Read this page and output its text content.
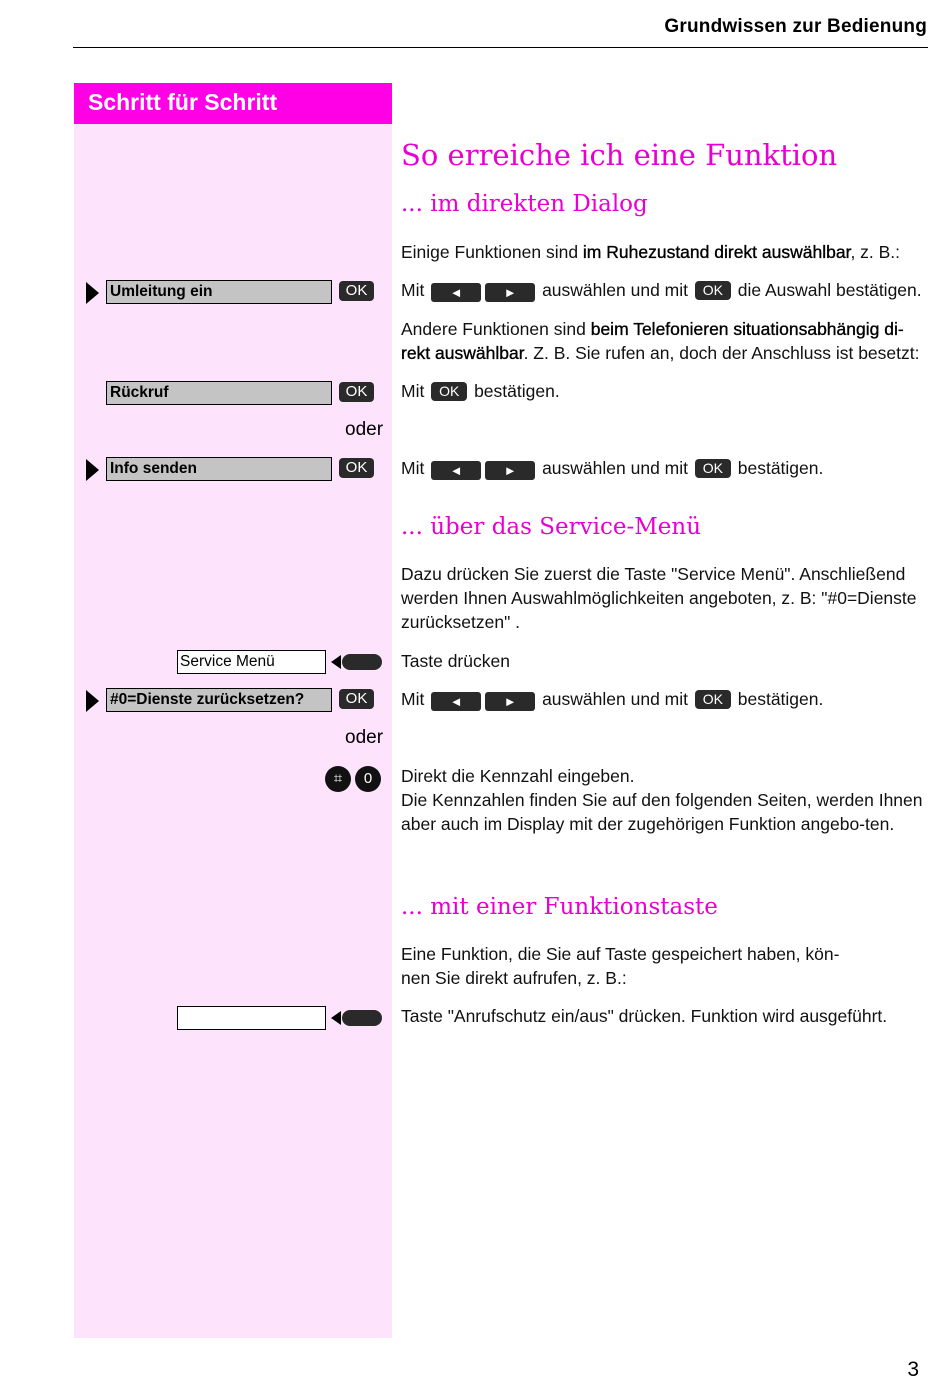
Grundwissen zur Bedienung
Schritt für Schritt
So erreiche ich eine Funktion
... im direkten Dialog
... über das Service-Menü
... mit einer Funktionstaste
Einige Funktionen sind im Ruhezustand direkt auswählbar, z. B.:
Umleitung ein	OK	Mit ◄	► auswählen und mit OK die Auswahl bestätigen.
Andere Funktionen sind beim Telefonieren situationsabhängig di-
rekt auswählbar. Z. B. Sie rufen an, doch der Anschluss ist besetzt:
Rückruf	OK	Mit OK bestätigen.
oder
Info senden	OK	Mit ◄	► auswählen und mit OK bestätigen.
Dazu drücken Sie zuerst die Taste "Service Menü". Anschließend werden Ihnen Auswahlmöglichkeiten angeboten, z. B: "#0=Dienste zurücksetzen" .
Service Menü	Taste drücken
#0=Dienste zurücksetzen?	OK	Mit ◄	► auswählen und mit OK bestätigen.
oder
⌗	0	Direkt die Kennzahl eingeben.
Die Kennzahlen finden Sie auf den folgenden Seiten, werden Ihnen aber auch im Display mit der zugehörigen Funktion angebo-ten.
Eine Funktion, die Sie auf Taste gespeichert haben, kön-
nen Sie direkt aufrufen, z. B.:
Taste "Anrufschutz ein/aus" drücken. Funktion wird ausgeführt.
3
